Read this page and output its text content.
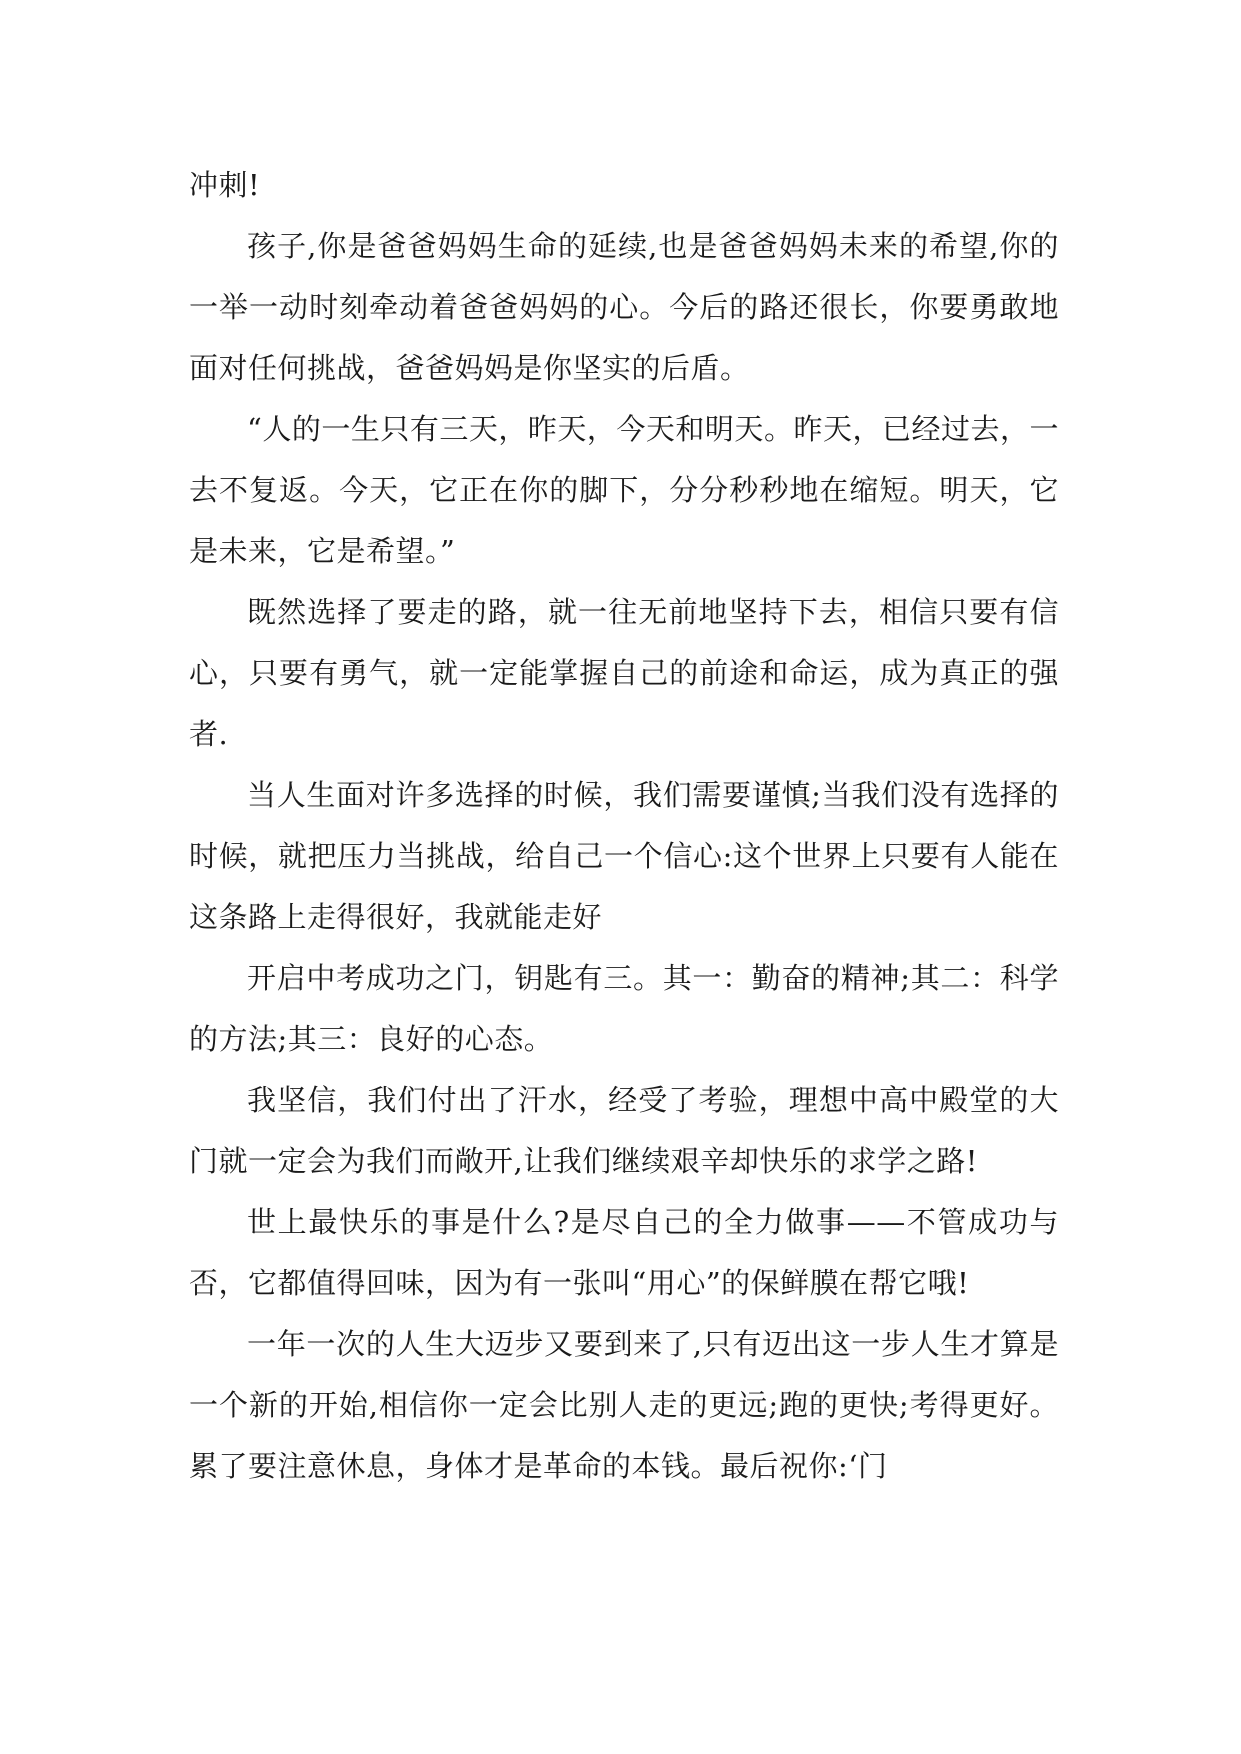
冲刺!

孩子,你是爸爸妈妈生命的延续,也是爸爸妈妈未来的希望,你的一举一动时刻牵动着爸爸妈妈的心。今后的路还很长，你要勇敢地面对任何挑战，爸爸妈妈是你坚实的后盾。

“人的一生只有三天，昨天，今天和明天。昨天，已经过去，一去不复返。今天，它正在你的脚下，分分秒秒地在缩短。明天，它是未来，它是希望。”

既然选择了要走的路，就一往无前地坚持下去，相信只要有信心，只要有勇气，就一定能掌握自己的前途和命运，成为真正的强者.

当人生面对许多选择的时候，我们需要谨慎;当我们没有选择的时候，就把压力当挑战，给自己一个信心:这个世界上只要有人能在这条路上走得很好，我就能走好

开启中考成功之门，钥匙有三。其一：勤奋的精神;其二：科学的方法;其三：良好的心态。

我坚信，我们付出了汗水，经受了考验，理想中高中殿堂的大门就一定会为我们而敞开,让我们继续艰辛却快乐的求学之路!

世上最快乐的事是什么?是尽自己的全力做事——不管成功与否，它都值得回味，因为有一张叫“用心”的保鲜膜在帮它哦!

一年一次的人生大迈步又要到来了,只有迈出这一步人生才算是一个新的开始,相信你一定会比别人走的更远;跑的更快;考得更好。累了要注意休息，身体才是革命的本钱。最后祝你:‘门
